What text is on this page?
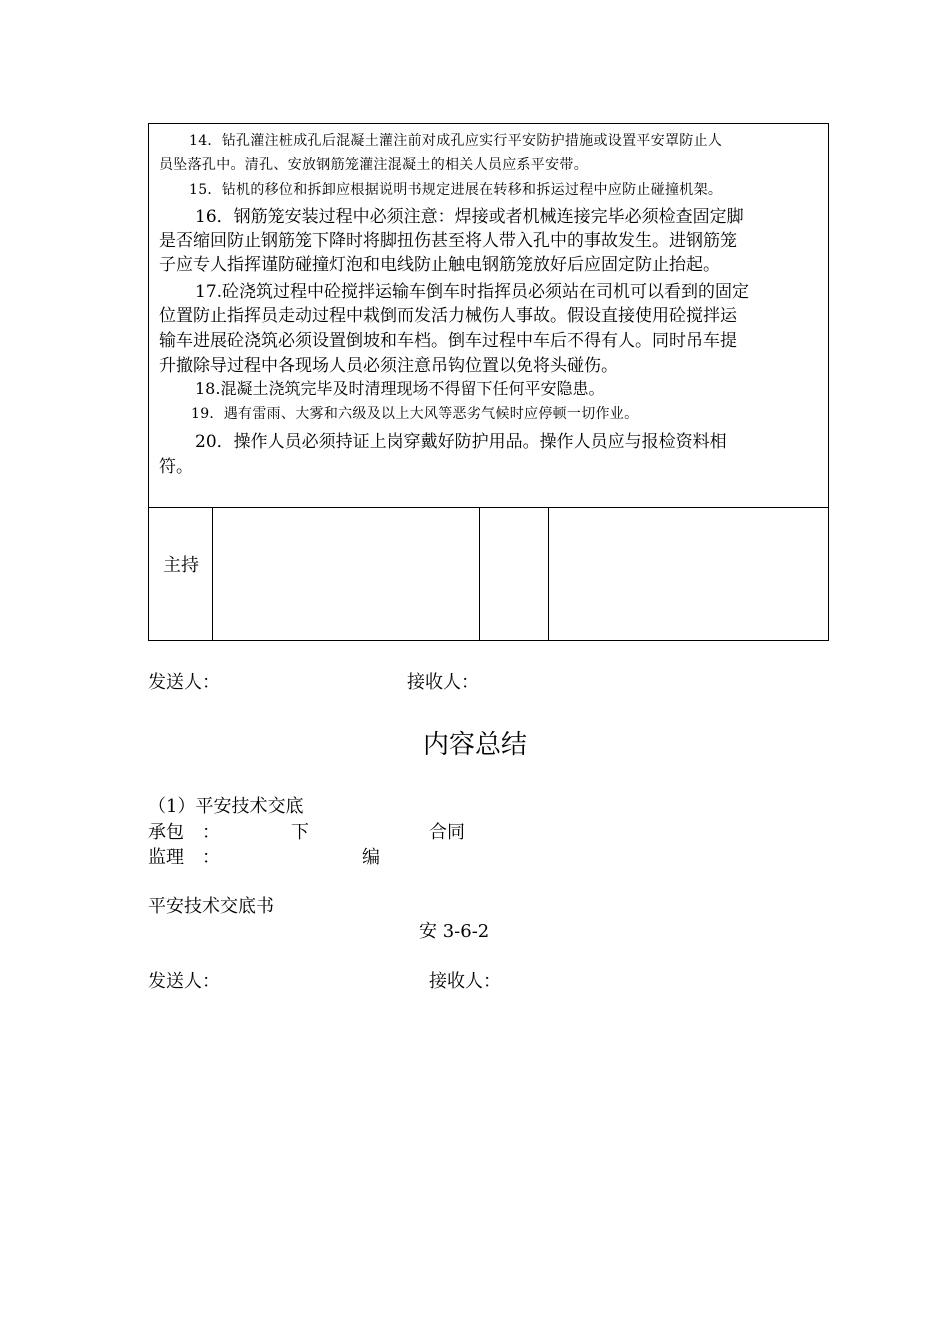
14．钻孔灌注桩成孔后混凝土灌注前对成孔应实行平安防护措施或设置平安罩防止人
员坠落孔中。清孔、安放钢筋笼灌注混凝土的相关人员应系平安带。
15．钻机的移位和拆卸应根据说明书规定进展在转移和拆运过程中应防止碰撞机架。
16．钢筋笼安装过程中必须注意：焊接或者机械连接完毕必须检查固定脚
是否缩回防止钢筋笼下降时将脚扭伤甚至将人带入孔中的事故发生。进钢筋笼
子应专人指挥谨防碰撞灯泡和电线防止触电钢筋笼放好后应固定防止抬起。
17.砼浇筑过程中砼搅拌运输车倒车时指挥员必须站在司机可以看到的固定
位置防止指挥员走动过程中栽倒而发活力械伤人事故。假设直接使用砼搅拌运
输车进展砼浇筑必须设置倒坡和车档。倒车过程中车后不得有人。同时吊车提
升撤除导过程中各现场人员必须注意吊钩位置以免将头碰伤。
18.混凝土浇筑完毕及时清理现场不得留下任何平安隐患。
19．遇有雷雨、大雾和六级及以上大风等恶劣气候时应停顿一切作业。
20．操作人员必须持证上岗穿戴好防护用品。操作人员应与报检资料相
符。
主持
发送人：	接收人：
内容总结
（1）平安技术交底
承包　：	下	合同
监理　：	编
平安技术交底书
安 3-6-2
发送人：	接收人：
